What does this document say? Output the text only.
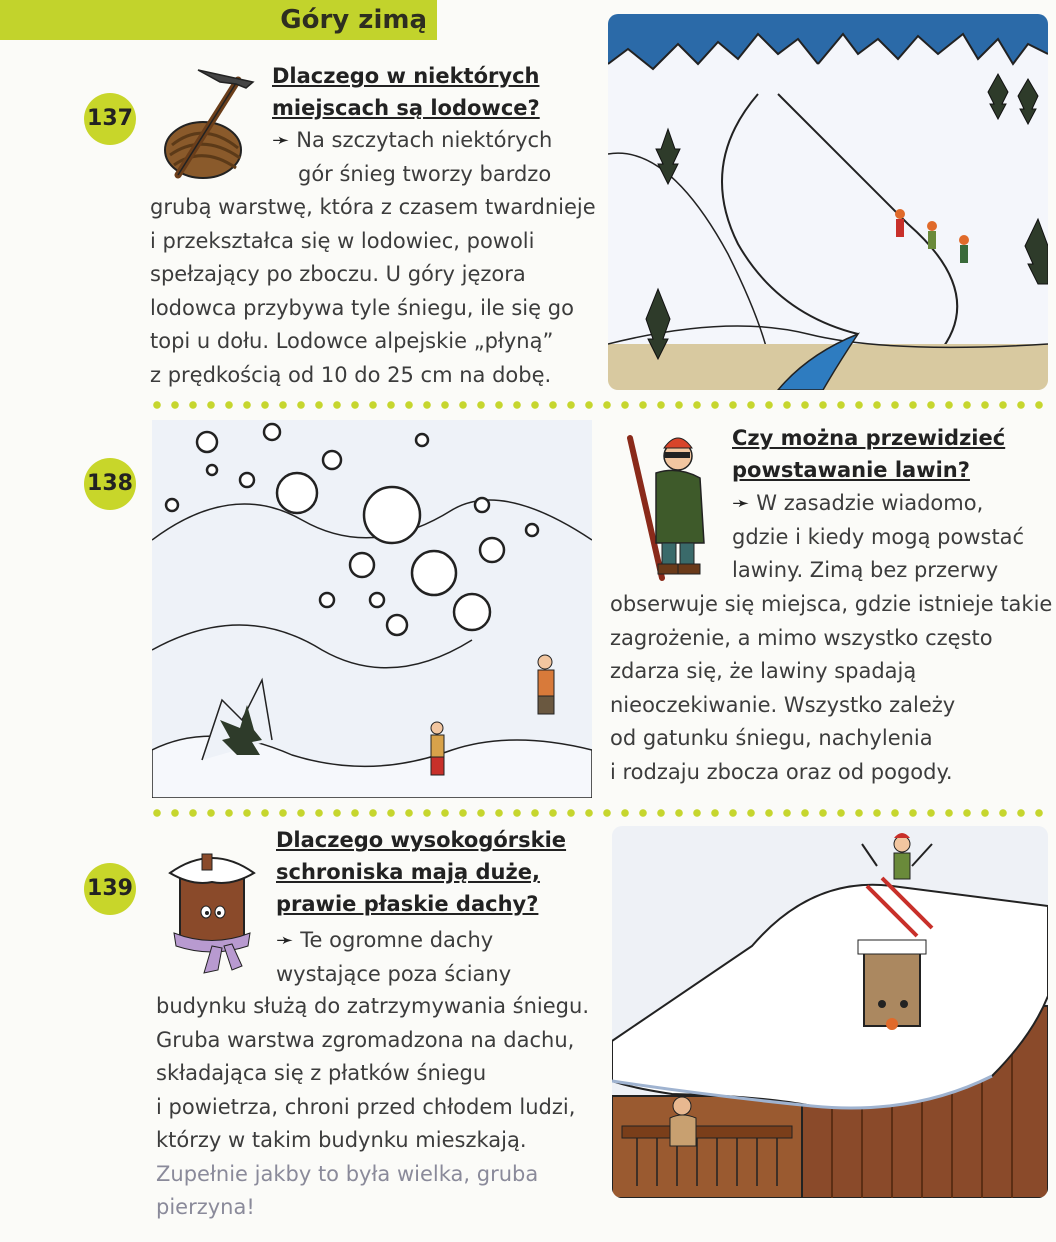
Góry zimą
137
Dlaczego w niektórych
miejscach są lodowce?
➛ Na szczytach niektórych
gór śnieg tworzy bardzo
grubą warstwę, która z czasem twardnieje
i przekształca się w lodowiec, powoli
spełzający po zboczu. U góry jęzora
lodowca przybywa tyle śniegu, ile się go
topi u dołu. Lodowce alpejskie „płyną”
z prędkością od 10 do 25 cm na dobę.
138
Czy można przewidzieć
powstawanie lawin?
➛ W zasadzie wiadomo,
gdzie i kiedy mogą powstać
lawiny. Zimą bez przerwy
obserwuje się miejsca, gdzie istnieje takie
zagrożenie, a mimo wszystko często
zdarza się, że lawiny spadają
nieoczekiwanie. Wszystko zależy
od gatunku śniegu, nachylenia
i rodzaju zbocza oraz od pogody.
139
Dlaczego wysokogórskie
schroniska mają duże,
prawie płaskie dachy?
➛ Te ogromne dachy
wystające poza ściany
budynku służą do zatrzymywania śniegu.
Gruba warstwa zgromadzona na dachu,
składająca się z płatków śniegu
i powietrza, chroni przed chłodem ludzi,
którzy w takim budynku mieszkają.
Zupełnie jakby to była wielka, gruba
pierzyna!
